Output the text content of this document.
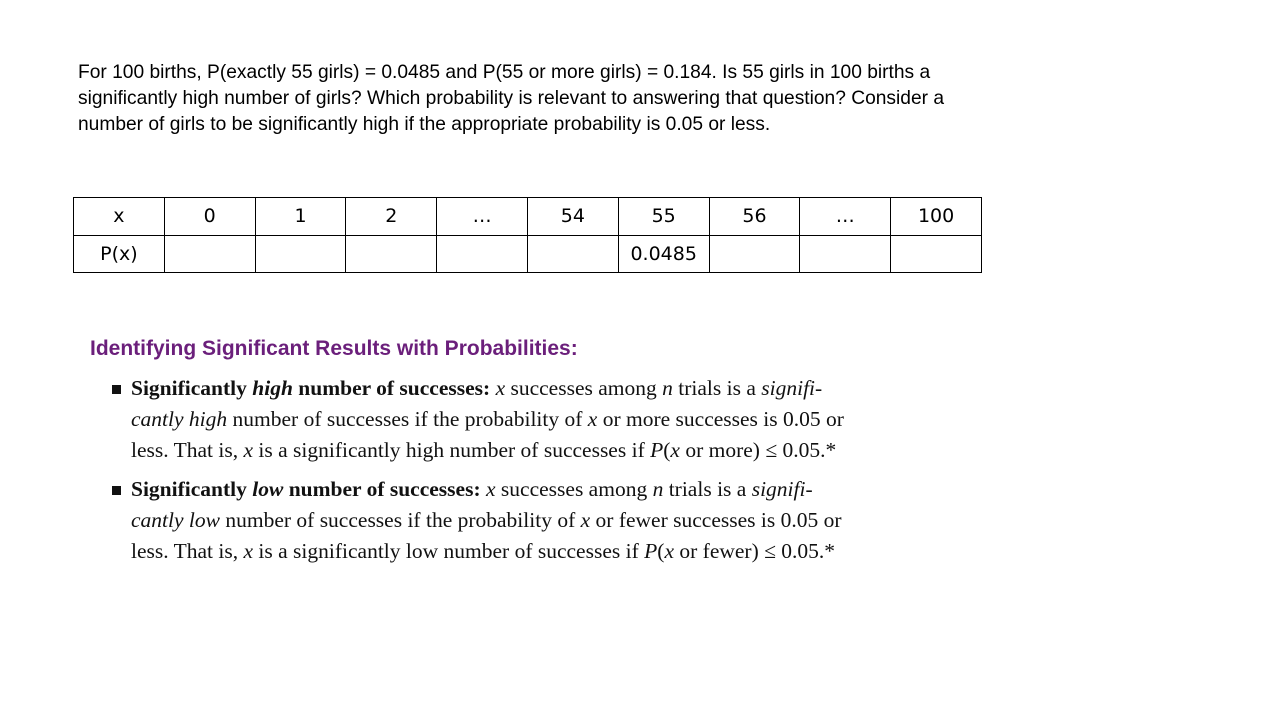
For 100 births, P(exactly 55 girls) = 0.0485 and P(55 or more girls) = 0.184. Is 55 girls in 100 births a
significantly high number of girls? Which probability is relevant to answering that question? Consider a
number of girls to be significantly high if the appropriate probability is 0.05 or less.
x	0	1	2	…	54	55	56	…	100
P(x)						0.0485			
Identifying Significant Results with Probabilities:
Significantly high number of successes: x successes among n trials is a signifi-
cantly high number of successes if the probability of x or more successes is 0.05 or
less. That is, x is a significantly high number of successes if P(x or more) ≤ 0.05.*
Significantly low number of successes: x successes among n trials is a signifi-
cantly low number of successes if the probability of x or fewer successes is 0.05 or
less. That is, x is a significantly low number of successes if P(x or fewer) ≤ 0.05.*
